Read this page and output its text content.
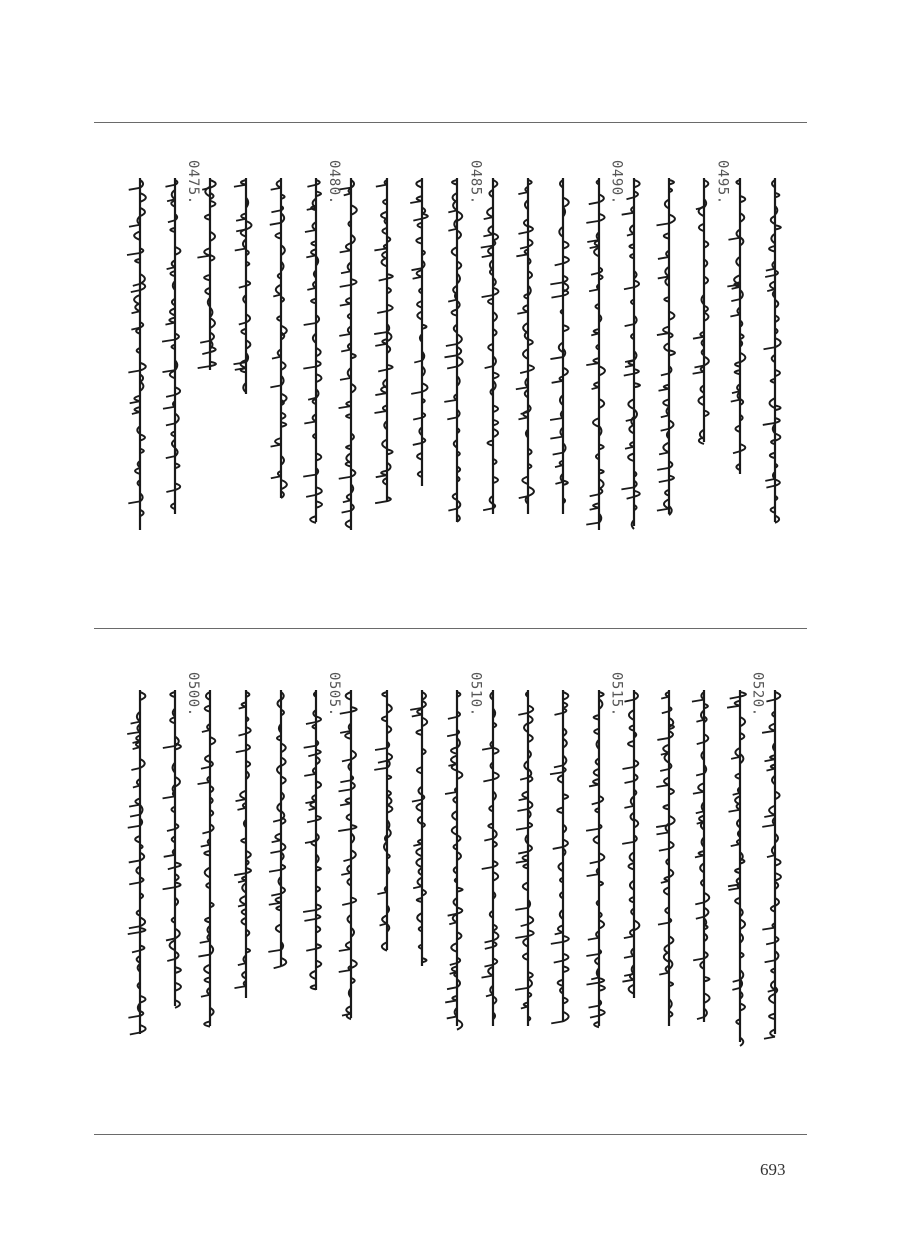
0495.
0490.
0485.
0480.
0475.
0520.
0515.
0510.
0505.
0500.
693
